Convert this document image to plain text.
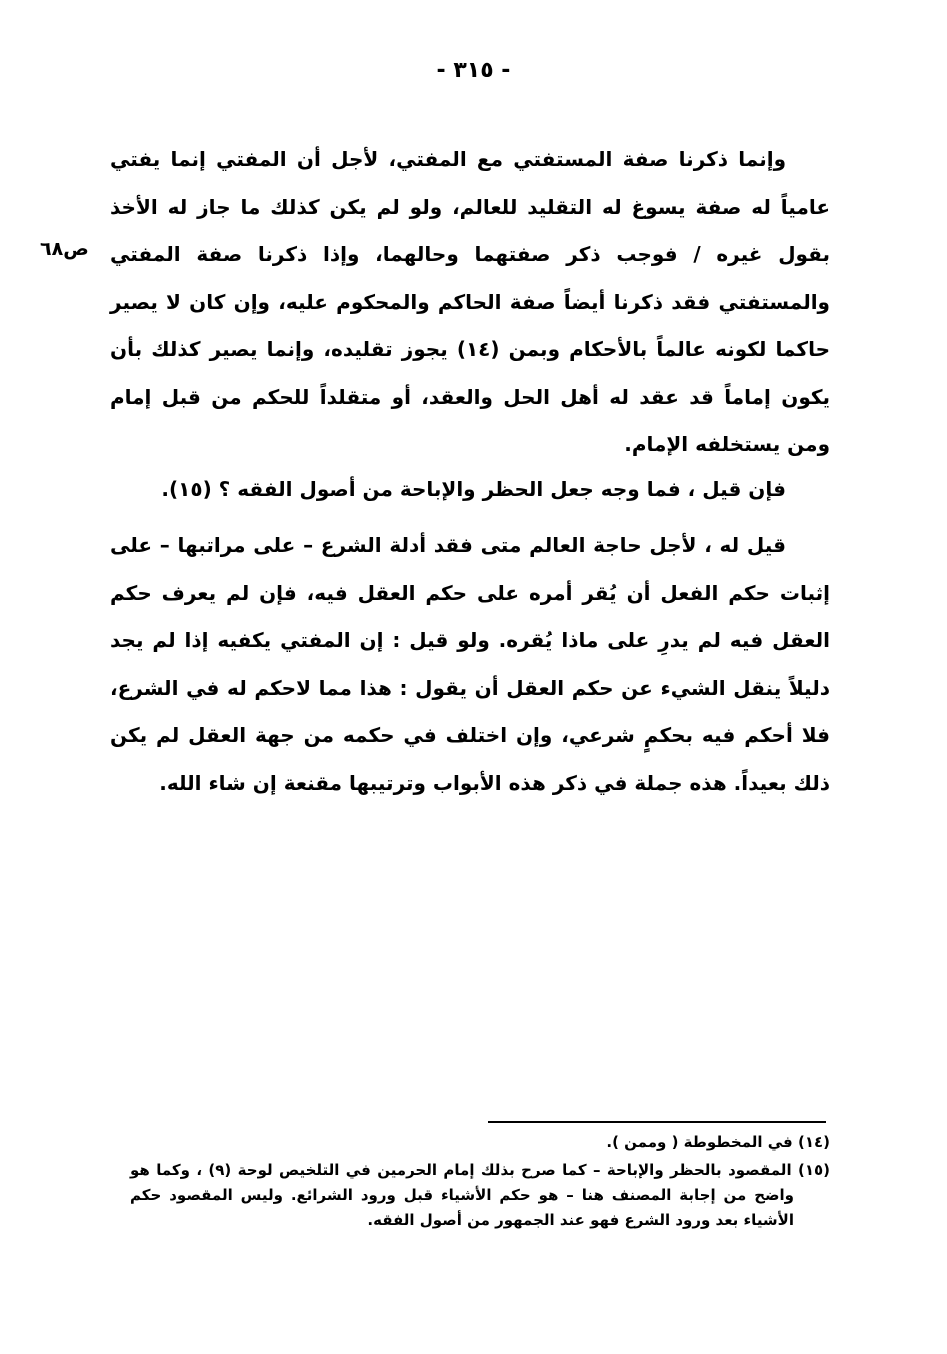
- ٣١٥ -
ص٦٨

وإنما ذكرنا صفة المستفتي مع المفتي، لأجل أن المفتي إنما يفتي عامياً له صفة يسوغ له التقليد للعالم، ولو لم يكن كذلك ما جاز له الأخذ بقول غيره / فوجب ذكر صفتهما وحالهما، وإذا ذكرنا صفة المفتي والمستفتي فقد ذكرنا أيضاً صفة الحاكم والمحكوم عليه، وإن كان لا يصير حاكما لكونه عالماً بالأحكام وبمن (١٤) يجوز تقليده، وإنما يصير كذلك بأن يكون إماماً قد عقد له أهل الحل والعقد، أو متقلداً للحكم من قبل إمام ومن يستخلفه الإمام.

فإن قيل ، فما وجه جعل الحظر والإباحة من أصول الفقه ؟ (١٥).

قيل له ، لأجل حاجة العالم متى فقد أدلة الشرع – على مراتبها – على إثبات حكم الفعل أن يُقر أمره على حكم العقل فيه، فإن لم يعرف حكم العقل فيه لم يدرِ على ماذا يُقره. ولو قيل : إن المفتي يكفيه إذا لم يجد دليلاً ينقل الشيء عن حكم العقل أن يقول : هذا مما لاحكم له في الشرع، فلا أحكم فيه بحكمٍ شرعي، وإن اختلف في حكمه من جهة العقل لم يكن ذلك بعيداً. هذه جملة في ذكر هذه الأبواب وترتيبها مقنعة إن شاء الله.

(١٤) في المخطوطة ( وممن ).

(١٥) المقصود بالحظر والإباحة – كما صرح بذلك إمام الحرمين في التلخيص لوحة (٩) ، وكما هو واضح من إجابة المصنف هنا – هو حكم الأشياء قبل ورود الشرائع. وليس المقصود حكم الأشياء بعد ورود الشرع فهو عند الجمهور من أصول الفقه.
